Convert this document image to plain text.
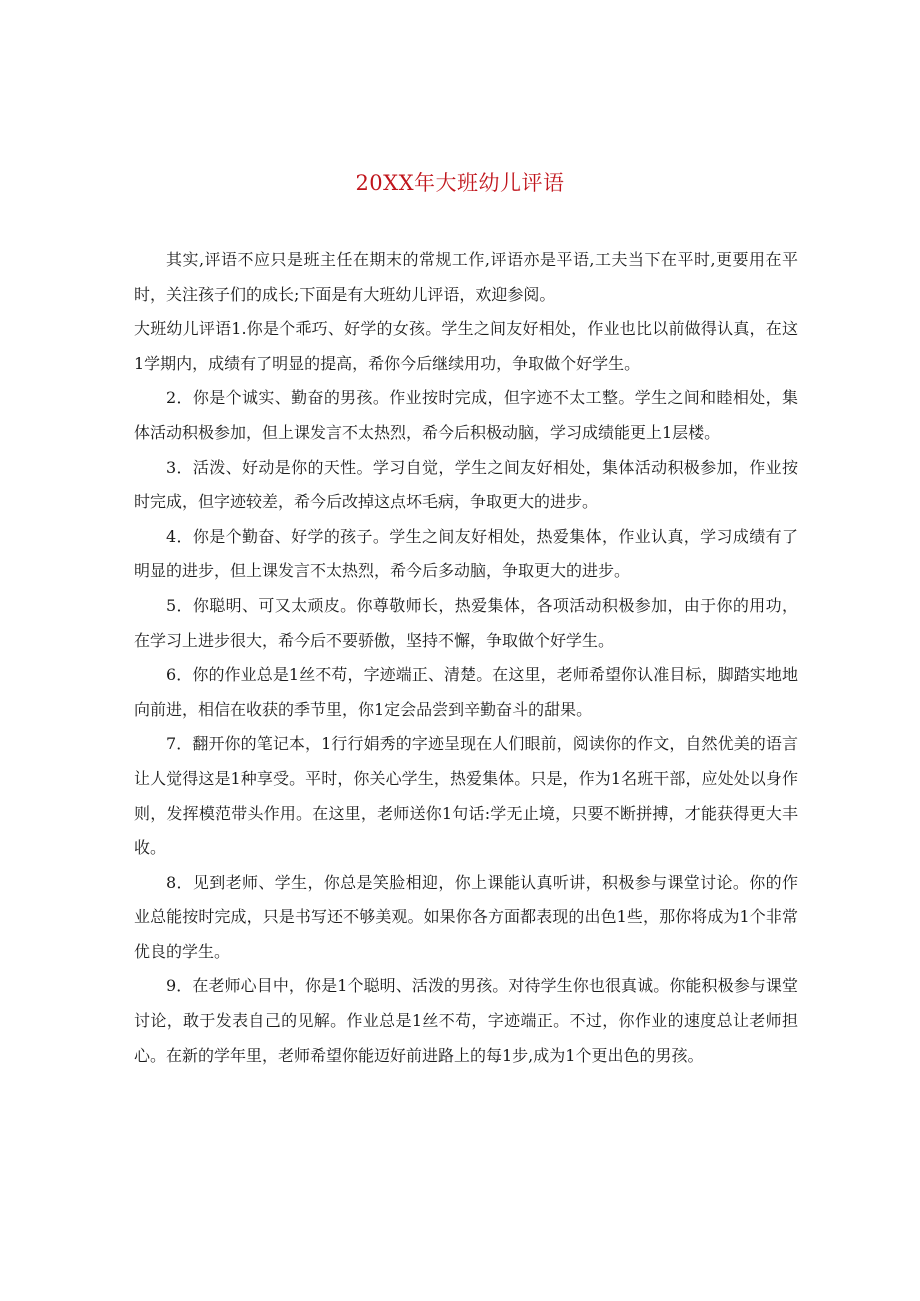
20XX年大班幼儿评语

其实,评语不应只是班主任在期末的常规工作,评语亦是平语,工夫当下在平时,更要用在平时，关注孩子们的成长;下面是有大班幼儿评语，欢迎参阅。

大班幼儿评语1.你是个乖巧、好学的女孩。学生之间友好相处，作业也比以前做得认真，在这1学期内，成绩有了明显的提高，希你今后继续用功，争取做个好学生。

2．你是个诚实、勤奋的男孩。作业按时完成，但字迹不太工整。学生之间和睦相处，集体活动积极参加，但上课发言不太热烈，希今后积极动脑，学习成绩能更上1层楼。

3．活泼、好动是你的天性。学习自觉，学生之间友好相处，集体活动积极参加，作业按时完成，但字迹较差，希今后改掉这点坏毛病，争取更大的进步。

4．你是个勤奋、好学的孩子。学生之间友好相处，热爱集体，作业认真，学习成绩有了明显的进步，但上课发言不太热烈，希今后多动脑，争取更大的进步。

5．你聪明、可又太顽皮。你尊敬师长，热爱集体，各项活动积极参加，由于你的用功，在学习上进步很大，希今后不要骄傲，坚持不懈，争取做个好学生。

6．你的作业总是1丝不苟，字迹端正、清楚。在这里，老师希望你认准目标，脚踏实地地向前进，相信在收获的季节里，你1定会品尝到辛勤奋斗的甜果。

7．翻开你的笔记本，1行行娟秀的字迹呈现在人们眼前，阅读你的作文，自然优美的语言让人觉得这是1种享受。平时，你关心学生，热爱集体。只是，作为1名班干部，应处处以身作则，发挥模范带头作用。在这里，老师送你1句话:学无止境，只要不断拼搏，才能获得更大丰收。

8．见到老师、学生，你总是笑脸相迎，你上课能认真听讲，积极参与课堂讨论。你的作业总能按时完成，只是书写还不够美观。如果你各方面都表现的出色1些，那你将成为1个非常优良的学生。

9．在老师心目中，你是1个聪明、活泼的男孩。对待学生你也很真诚。你能积极参与课堂讨论，敢于发表自己的见解。作业总是1丝不苟，字迹端正。不过，你作业的速度总让老师担心。在新的学年里，老师希望你能迈好前进路上的每1步,成为1个更出色的男孩。
